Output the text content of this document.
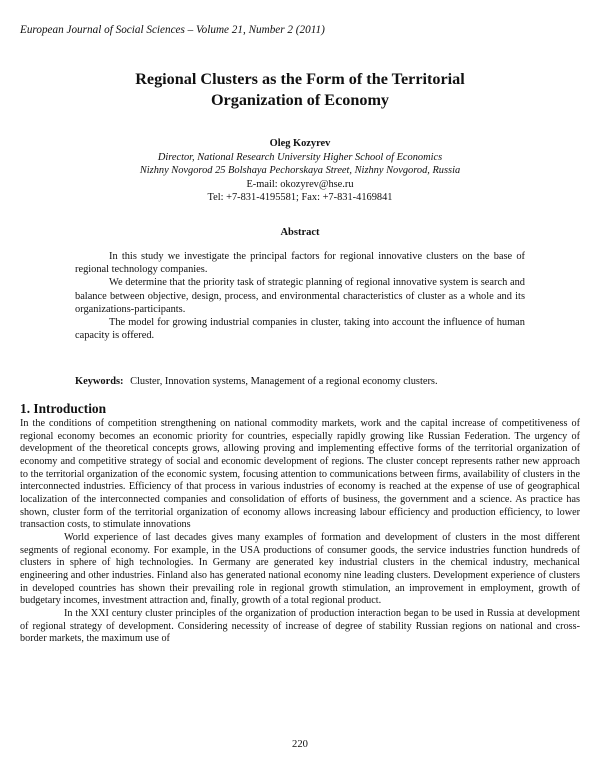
European Journal of Social Sciences – Volume 21, Number 2 (2011)
Regional Clusters as the Form of the Territorial
Organization of Economy
Oleg Kozyrev
Director, National Research University Higher School of Economics
Nizhny Novgorod 25 Bolshaya Pechorskaya Street, Nizhny Novgorod, Russia
E-mail: okozyrev@hse.ru
Tel: +7-831-4195581; Fax: +7-831-4169841
Abstract

In this study we investigate the principal factors for regional innovative clusters on the base of regional technology companies.

We determine that the priority task of strategic planning of regional innovative system is search and balance between objective, design, process, and environmental characteristics of cluster as a whole and its organizations-participants.

The model for growing industrial companies in cluster, taking into account the influence of human capacity is offered.

Keywords: Cluster, Innovation systems, Management of a regional economy clusters.
1. Introduction

In the conditions of competition strengthening on national commodity markets, work and the capital increase of competitiveness of regional economy becomes an economic priority for countries, especially rapidly growing like Russian Federation. The urgency of development of the theoretical concepts grows, allowing proving and implementing effective forms of the territorial organization of economy and competitive strategy of social and economic development of regions. The cluster concept represents rather new approach to the territorial organization of the economic system, focusing attention to communications between firms, availability of clusters in the interconnected industries. Efficiency of that process in various industries of economy is reached at the expense of use of geographical localization of the interconnected companies and consolidation of efforts of business, the government and a science. As practice has shown, cluster form of the territorial organization of economy allows increasing labour efficiency and production efficiency, to lower transaction costs, to stimulate innovations

World experience of last decades gives many examples of formation and development of clusters in the most different segments of regional economy. For example, in the USA productions of consumer goods, the service industries function hundreds of clusters in sphere of high technologies. In Germany are generated key industrial clusters in the chemical industry, mechanical engineering and other industries. Finland also has generated national economy nine leading clusters. Development experience of clusters in developed countries has shown their prevailing role in regional growth stimulation, an improvement in employment, growth of budgetary incomes, investment attraction and, finally, growth of a total regional product.

In the XXI century cluster principles of the organization of production interaction began to be used in Russia at development of regional strategy of development. Considering necessity of increase of degree of stability Russian regions on national and cross-border markets, the maximum use of

220
